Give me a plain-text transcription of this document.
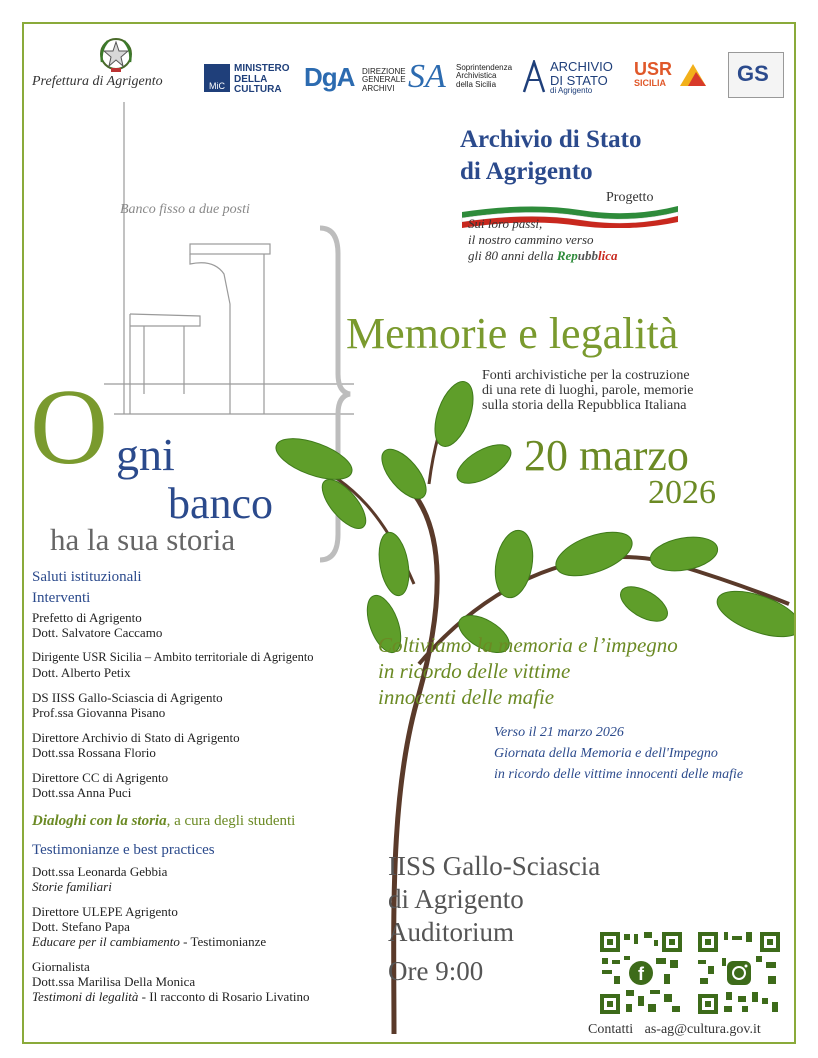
Prefettura di Agrigento	MiC
MINISTERO
DELLA
CULTURA DgA DIREZIONE
GENERALE
ARCHIVI SA Soprintendenza
Archivistica
della Sicilia
ARCHIVIO
DI STATO
di Agrigento
USR
SICILIA	GS
Banco fisso a due posti
Archivio di Stato
di Agrigento
Progetto
Sui loro passi,
il nostro cammino verso
gli 80 anni della Repubblica
Memorie e legalità
Fonti archivistiche per la costruzione
di una rete di luoghi, parole, memorie
sulla storia della Repubblica Italiana
20 marzo
2026
O gni
banco
ha la sua storia
Coltiviamo la memoria e l’impegno
in ricordo delle vittime
innocenti delle mafie
Verso il 21 marzo 2026
Giornata della Memoria e dell'Impegno
in ricordo delle vittime innocenti delle mafie
Saluti istituzionali
Interventi
Prefetto di Agrigento
Dott. Salvatore Caccamo
Dirigente USR Sicilia – Ambito territoriale di Agrigento
Dott. Alberto Petix
DS IISS Gallo-Sciascia di Agrigento
Prof.ssa Giovanna Pisano
Direttore Archivio di Stato di Agrigento
Dott.ssa Rossana Florio
Direttore CC di Agrigento
Dott.ssa Anna Puci
Dialoghi con la storia, a cura degli studenti
Testimonianze e best practices
Dott.ssa Leonarda Gebbia
Storie familiari
Direttore ULEPE Agrigento
Dott. Stefano Papa
Educare per il cambiamento - Testimonianze
Giornalista
Dott.ssa Marilisa Della Monica
Testimoni di legalità - Il racconto di Rosario Livatino
IISS Gallo-Sciascia
di Agrigento
Auditorium
Ore 9:00	f
Contatti as-ag@cultura.gov.it
